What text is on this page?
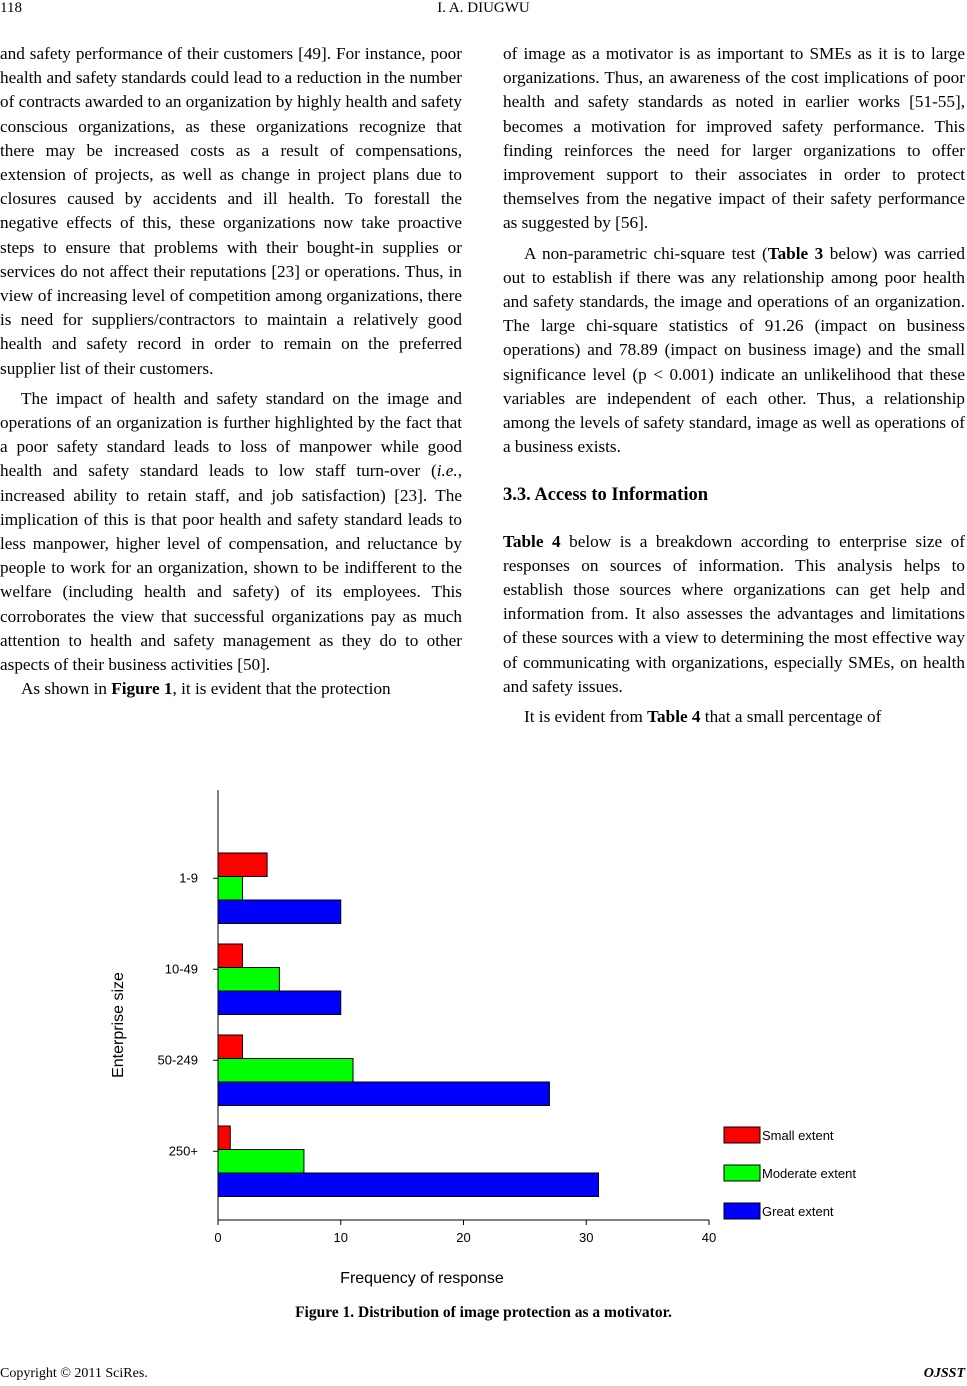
118	I. A. DIUGWU

and safety performance of their customers [49]. For instance, poor health and safety standards could lead to a reduction in the number of contracts awarded to an organization by highly health and safety conscious organizations, as these organizations recognize that there may be increased costs as a result of compensations, extension of projects, as well as change in project plans due to closures caused by accidents and ill health. To forestall the negative effects of this, these organizations now take proactive steps to ensure that problems with their bought-in supplies or services do not affect their reputations [23] or operations. Thus, in view of increasing level of competition among organizations, there is need for suppliers/contractors to maintain a relatively good health and safety record in order to remain on the preferred supplier list of their customers.

The impact of health and safety standard on the image and operations of an organization is further highlighted by the fact that a poor safety standard leads to loss of manpower while good health and safety standard leads to low staff turn-over (i.e., increased ability to retain staff, and job satisfaction) [23]. The implication of this is that poor health and safety standard leads to less manpower, higher level of compensation, and reluctance by people to work for an organization, shown to be indifferent to the welfare (including health and safety) of its employees. This corroborates the view that successful organizations pay as much attention to health and safety management as they do to other aspects of their business activities [50].

As shown in Figure 1, it is evident that the protection

of image as a motivator is as important to SMEs as it is to large organizations. Thus, an awareness of the cost implications of poor health and safety standards as noted in earlier works [51-55], becomes a motivation for improved safety performance. This finding reinforces the need for larger organizations to offer improvement support to their associates in order to protect themselves from the negative impact of their safety performance as suggested by [56].

A non-parametric chi-square test (Table 3 below) was carried out to establish if there was any relationship among poor health and safety standards, the image and operations of an organization. The large chi-square statistics of 91.26 (impact on business operations) and 78.89 (impact on business image) and the small significance level (p < 0.001) indicate an unlikelihood that these variables are independent of each other. Thus, a relationship among the levels of safety standard, image as well as operations of a business exists.

3.3. Access to Information

Table 4 below is a breakdown according to enterprise size of responses on sources of information. This analysis helps to establish those sources where organizations can get help and information from. It also assesses the advantages and limitations of these sources with a view to determining the most effective way of communicating with organizations, especially SMEs, on health and safety issues.

It is evident from Table 4 that a small percentage of

0	10	20	30	40
1-9
10-49
50-249
250+
Enterprise size
Frequency of response
Small extent
Moderate extent
Great extent
Figure 1. Distribution of image protection as a motivator.
Copyright © 2011 SciRes.	OJSST
